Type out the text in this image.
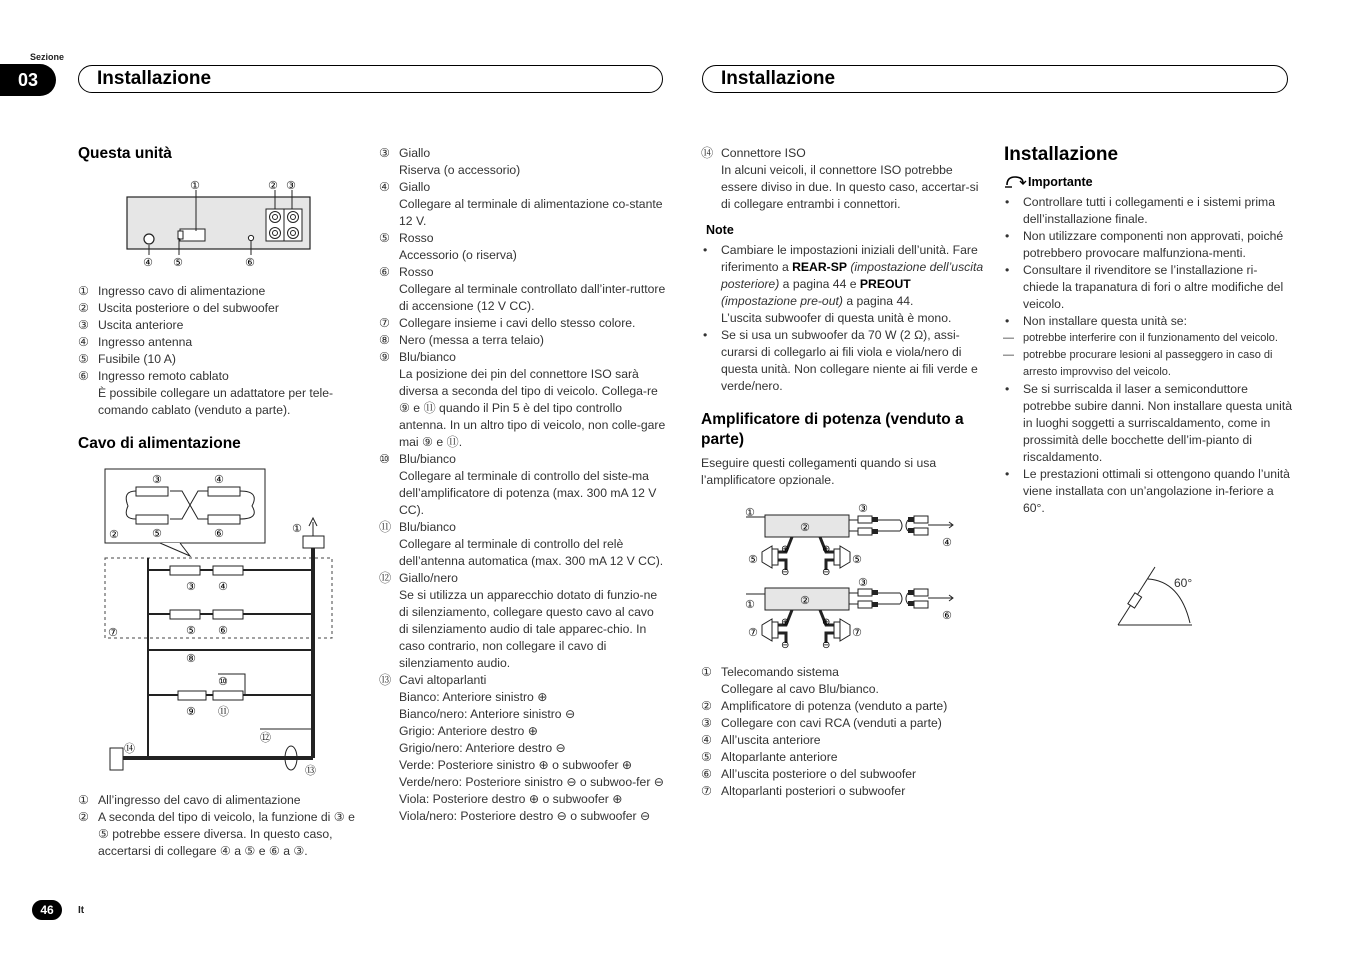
Sezione
03	Installazione	Installazione
Questa unità
①	② ③
④ ⑤	⑥
① Ingresso cavo di alimentazione
② Uscita posteriore o del subwoofer
③ Uscita anteriore
④ Ingresso antenna
⑤ Fusibile (10 A)
⑥ Ingresso remoto cablato
È possibile collegare un adattatore per tele-comando cablato (venduto a parte).
Cavo di alimentazione
③	④
②	⑤	⑥	①
③ ④
⑦	⑤ ⑥
⑧
⑩
⑨ ⑪
⑫
⑬
⑭
① All’ingresso del cavo di alimentazione
② A seconda del tipo di veicolo, la funzione di ③ e ⑤ potrebbe essere diversa. In questo caso, accertarsi di collegare ④ a ⑤ e ⑥ a ③.
③ Giallo
Riserva (o accessorio)
④ Giallo
Collegare al terminale di alimentazione co-stante 12 V.
⑤ Rosso
Accessorio (o riserva)
⑥ Rosso
Collegare al terminale controllato dall’inter-ruttore di accensione (12 V CC).
⑦ Collegare insieme i cavi dello stesso colore.
⑧ Nero (messa a terra telaio)
⑨ Blu/bianco
La posizione dei pin del connettore ISO sarà diversa a seconda del tipo di veicolo. Collega-re ⑨ e ⑪ quando il Pin 5 è del tipo controllo antenna. In un altro tipo di veicolo, non colle-gare mai ⑨ e ⑪.
⑩ Blu/bianco
Collegare al terminale di controllo del siste-ma dell’amplificatore di potenza (max. 300 mA 12 V CC).
⑪ Blu/bianco
Collegare al terminale di controllo del relè dell’antenna automatica (max. 300 mA 12 V CC).
⑫ Giallo/nero
Se si utilizza un apparecchio dotato di funzio-ne di silenziamento, collegare questo cavo al cavo di silenziamento audio di tale apparec-chio. In caso contrario, non collegare il cavo di silenziamento audio.
⑬ Cavi altoparlanti
Bianco: Anteriore sinistro ⊕
Bianco/nero: Anteriore sinistro ⊖
Grigio: Anteriore destro ⊕
Grigio/nero: Anteriore destro ⊖
Verde: Posteriore sinistro ⊕ o subwoofer ⊕
Verde/nero: Posteriore sinistro ⊖ o subwoo-fer ⊖
Viola: Posteriore destro ⊕ o subwoofer ⊕
Viola/nero: Posteriore destro ⊖ o subwoofer ⊖
⑭ Connettore ISO
In alcuni veicoli, il connettore ISO potrebbe essere diviso in due. In questo caso, accertar-si di collegare entrambi i connettori.
Note
• Cambiare le impostazioni iniziali dell’unità. Fare riferimento a REAR-SP (impostazione dell’uscita posteriore) a pagina 44 e PREOUT (impostazione pre-out) a pagina 44.
L’uscita subwoofer di questa unità è mono.
• Se si usa un subwoofer da 70 W (2 Ω), assi-curarsi di collegarlo ai fili viola e viola/nero di questa unità. Non collegare niente ai fili verde e verde/nero.
Amplificatore di potenza (venduto a parte)
Eseguire questi collegamenti quando si usa l’amplificatore opzionale.
⊕
⊖
⊕
⊖
⊕
⊖
⊕
⊖
①
②
③
④
⑤	⑤
③
①	②
⑥
⑦	⑦
① Telecomando sistema
Collegare al cavo Blu/bianco.
② Amplificatore di potenza (venduto a parte)
③ Collegare con cavi RCA (venduti a parte)
④ All’uscita anteriore
⑤ Altoparlante anteriore
⑥ All’uscita posteriore o del subwoofer
⑦ Altoparlanti posteriori o subwoofer
Installazione
Importante
• Controllare tutti i collegamenti e i sistemi prima dell’installazione finale.
• Non utilizzare componenti non approvati, poiché potrebbero provocare malfunziona-menti.
• Consultare il rivenditore se l’installazione ri-chiede la trapanatura di fori o altre modifiche del veicolo.
• Non installare questa unità se:
— potrebbe interferire con il funzionamento del veicolo.
— potrebbe procurare lesioni al passeggero in caso di arresto improvviso del veicolo.
• Se si surriscalda il laser a semiconduttore potrebbe subire danni. Non installare questa unità in luoghi soggetti a surriscaldamento, come in prossimità delle bocchette dell’im-pianto di riscaldamento.
• Le prestazioni ottimali si ottengono quando l’unità viene installata con un’angolazione in-feriore a 60°.
60°
46	It
